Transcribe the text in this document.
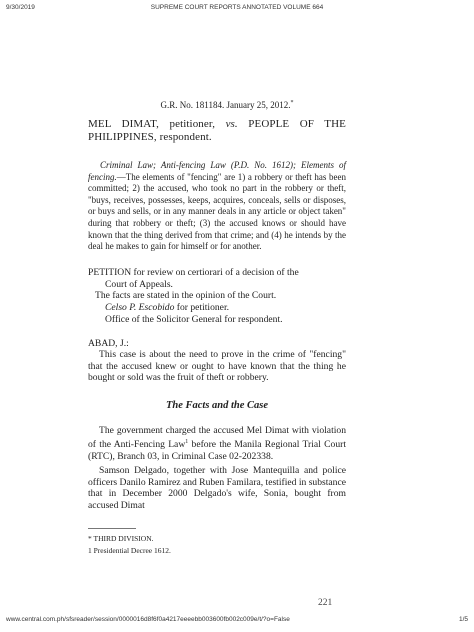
9/30/2019	SUPREME COURT REPORTS ANNOTATED VOLUME 664
G.R. No. 181184. January 25, 2012.*
MEL DIMAT, petitioner, vs. PEOPLE OF THE PHILIPPINES, respondent.

Criminal Law; Anti-fencing Law (P.D. No. 1612); Elements of fencing.—The elements of "fencing" are 1) a robbery or theft has been committed; 2) the accused, who took no part in the robbery or theft, "buys, receives, possesses, keeps, acquires, conceals, sells or disposes, or buys and sells, or in any manner deals in any article or object taken" during that robbery or theft; (3) the accused knows or should have known that the thing derived from that crime; and (4) he intends by the deal he makes to gain for himself or for another.

PETITION for review on certiorari of a decision of the
Court of Appeals.
The facts are stated in the opinion of the Court.
Celso P. Escobido for petitioner.
Office of the Solicitor General for respondent.
ABAD, J.:

This case is about the need to prove in the crime of "fencing" that the accused knew or ought to have known that the thing he bought or sold was the fruit of theft or robbery.

The Facts and the Case

The government charged the accused Mel Dimat with violation of the Anti-Fencing Law$^1$ before the Manila Regional Trial Court (RTC), Branch 03, in Criminal Case 02-202338.

Samson Delgado, together with Jose Mantequilla and police officers Danilo Ramirez and Ruben Familara, testified in substance that in December 2000 Delgado's wife, Sonia, bought from accused Dimat

* THIRD DIVISION.
1 Presidential Decree 1612.
221
www.central.com.ph/sfsreader/session/0000016d8f6f0a4217eeeebb003600fb002c009e/t/?o=False	1/5
